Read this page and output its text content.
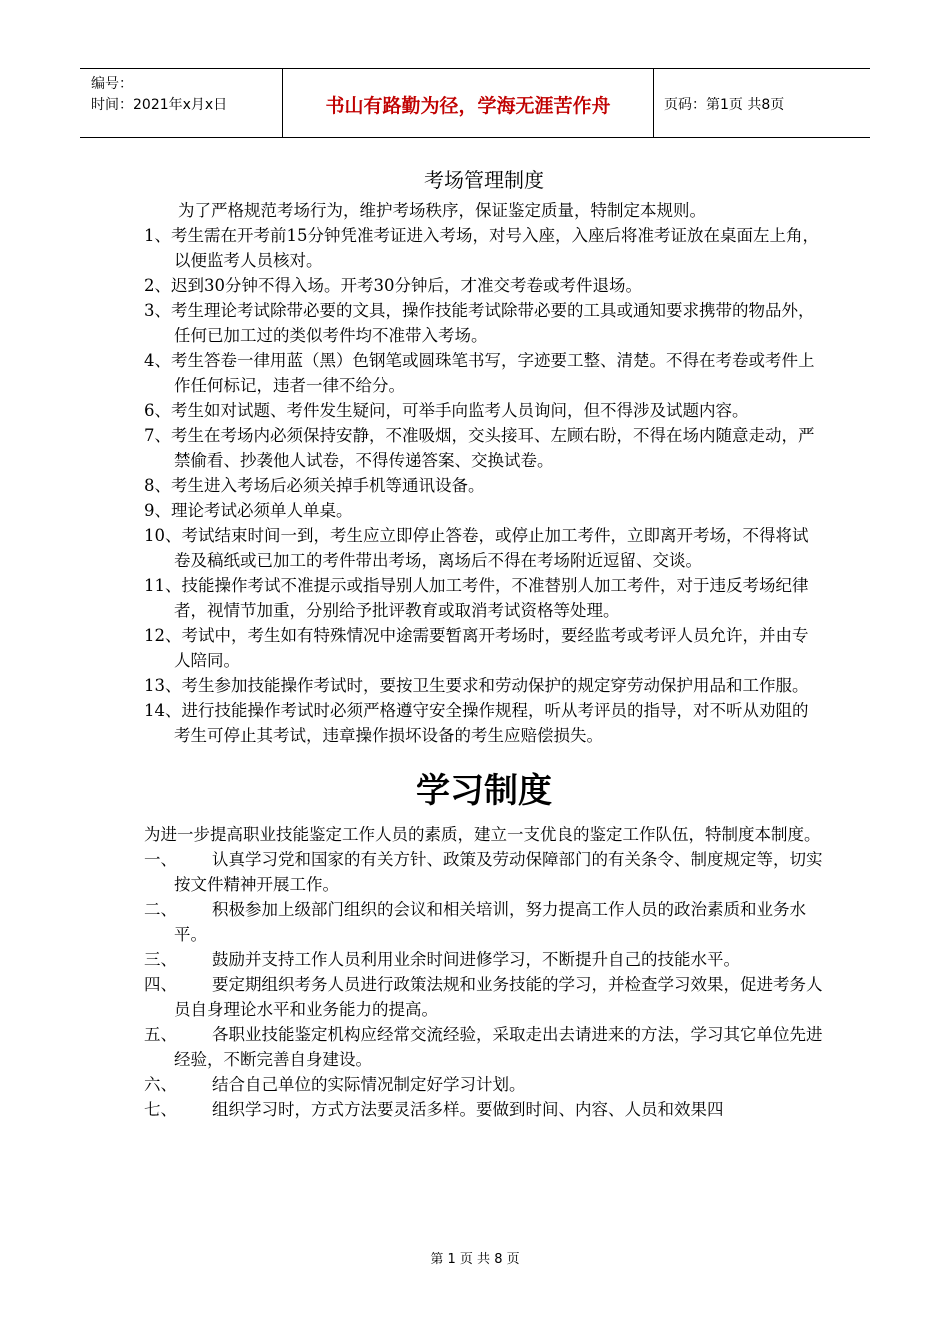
编号：
时间：2021年x月x日	书山有路勤为径，学海无涯苦作舟	页码：第1页 共8页
考场管理制度
为了严格规范考场行为，维护考场秩序，保证鉴定质量，特制定本规则。
1、考生需在开考前15分钟凭准考证进入考场，对号入座，入座后将准考证放在桌面左上角，以便监考人员核对。
2、迟到30分钟不得入场。开考30分钟后，才准交考卷或考件退场。
3、考生理论考试除带必要的文具，操作技能考试除带必要的工具或通知要求携带的物品外，任何已加工过的类似考件均不准带入考场。
4、考生答卷一律用蓝（黑）色钢笔或圆珠笔书写，字迹要工整、清楚。不得在考卷或考件上作任何标记，违者一律不给分。
6、考生如对试题、考件发生疑问，可举手向监考人员询问，但不得涉及试题内容。
7、考生在考场内必须保持安静，不准吸烟，交头接耳、左顾右盼，不得在场内随意走动，严禁偷看、抄袭他人试卷，不得传递答案、交换试卷。
8、考生进入考场后必须关掉手机等通讯设备。
9、理论考试必须单人单桌。
10、考试结束时间一到，考生应立即停止答卷，或停止加工考件，立即离开考场，不得将试卷及稿纸或已加工的考件带出考场，离场后不得在考场附近逗留、交谈。
11、技能操作考试不准提示或指导别人加工考件，不准替别人加工考件，对于违反考场纪律者，视情节加重，分别给予批评教育或取消考试资格等处理。
12、考试中，考生如有特殊情况中途需要暂离开考场时，要经监考或考评人员允许，并由专人陪同。
13、考生参加技能操作考试时，要按卫生要求和劳动保护的规定穿劳动保护用品和工作服。
14、进行技能操作考试时必须严格遵守安全操作规程，听从考评员的指导，对不听从劝阻的考生可停止其考试，违章操作损坏设备的考生应赔偿损失。
学习制度
为进一步提高职业技能鉴定工作人员的素质，建立一支优良的鉴定工作队伍，特制度本制度。
一、 认真学习党和国家的有关方针、政策及劳动保障部门的有关条令、制度规定等，切实按文件精神开展工作。
二、 积极参加上级部门组织的会议和相关培训，努力提高工作人员的政治素质和业务水平。
三、 鼓励并支持工作人员利用业余时间进修学习，不断提升自己的技能水平。
四、 要定期组织考务人员进行政策法规和业务技能的学习，并检查学习效果，促进考务人员自身理论水平和业务能力的提高。
五、 各职业技能鉴定机构应经常交流经验，采取走出去请进来的方法，学习其它单位先进经验，不断完善自身建设。
六、 结合自己单位的实际情况制定好学习计划。
七、 组织学习时，方式方法要灵活多样。要做到时间、内容、人员和效果四
第 1 页 共 8 页
